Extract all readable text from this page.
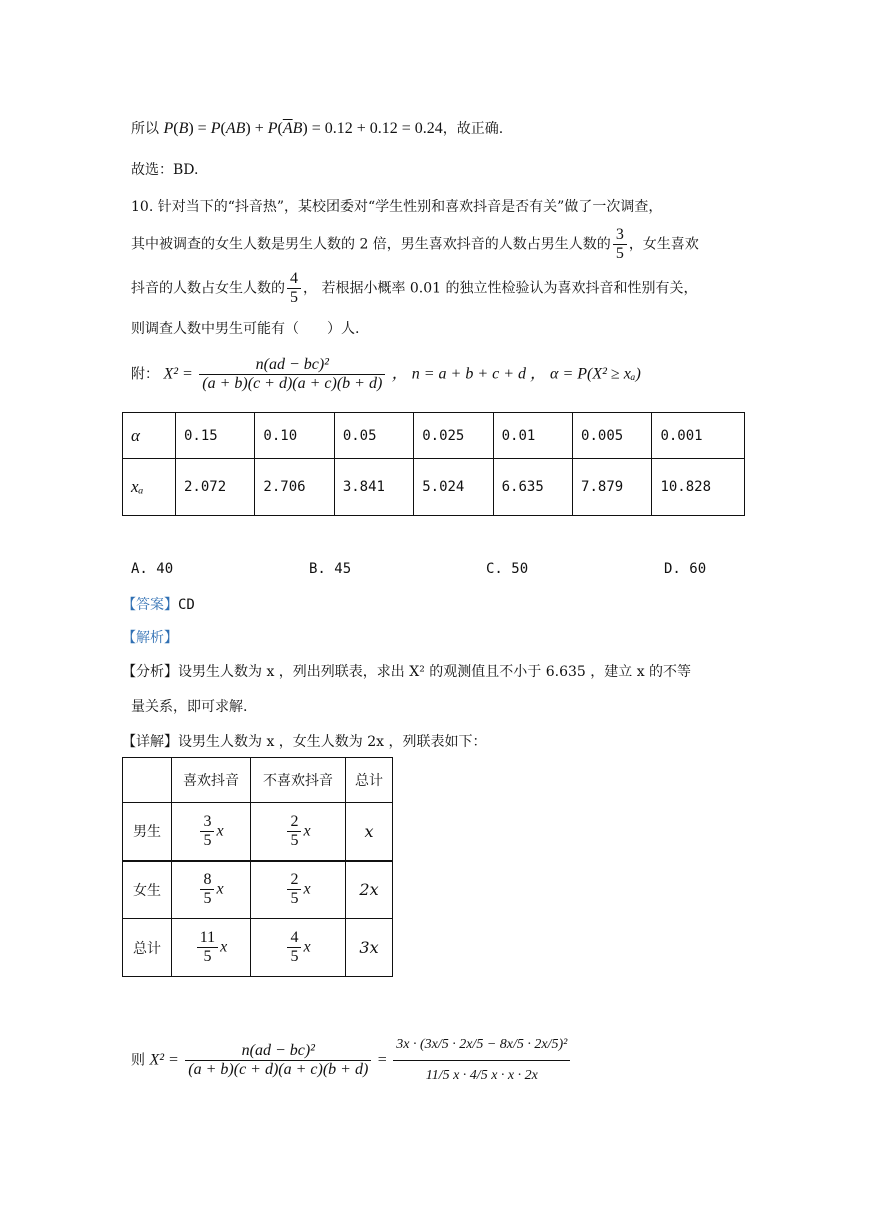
所以 $P(B) = P(AB) + P(\overline{A}B) = 0.12 + 0.12 = 0.24$，故正确.
故选：BD.
10. 针对当下的“抖音热”，某校团委对“学生性别和喜欢抖音是否有关”做了一次调查，
其中被调查的女生人数是男生人数的 2 倍，男生喜欢抖音的人数占男生人数的 $\frac{3}{5}$ ，女生喜欢
抖音的人数占女生人数的 $\frac{4}{5}$ ， 若根据小概率 0.01 的独立性检验认为喜欢抖音和性别有关，
则调查人数中男生可能有（　　）人.
附： $X^2 = \frac{\text{n(ad − bc)²}}{(a + b)(c + d)(a + c)(b + d)}$ ， n = a + b + c + d ， α = P(X² ≥ xₐ)
α	0.15	0.10	0.05	0.025	0.01	0.005	0.001
xₐ	2.072	2.706	3.841	5.024	6.635	7.879	10.828
A. 40	B. 45	C. 50	D. 60
【答案】CD
【解析】
【分析】设男生人数为 x ，列出列联表，求出 X² 的观测值且不小于 6.635 ，建立 x 的不等
量关系，即可求解.
【详解】设男生人数为 x ，女生人数为 2x ，列联表如下：
	喜欢抖音	不喜欢抖音	总计
男生	$\frac{3}{5}$ x	$\frac{2}{5}$ x	x
女生	$\frac{8}{5}$ x	$\frac{2}{5}$ x	2x
总计	$\frac{11}{5}$ x	$\frac{4}{5}$ x	3x
则 $X^2 = \frac{\text{n(ad − bc)²}}{(a + b)(c + d)(a + c)(b + d)} = \frac{\text{3x · (3x/5 · 2x/5 − 8x/5 · 2x/5)²}}{11/5 x \cdot 4/5 x \cdot x \cdot 2x}$
